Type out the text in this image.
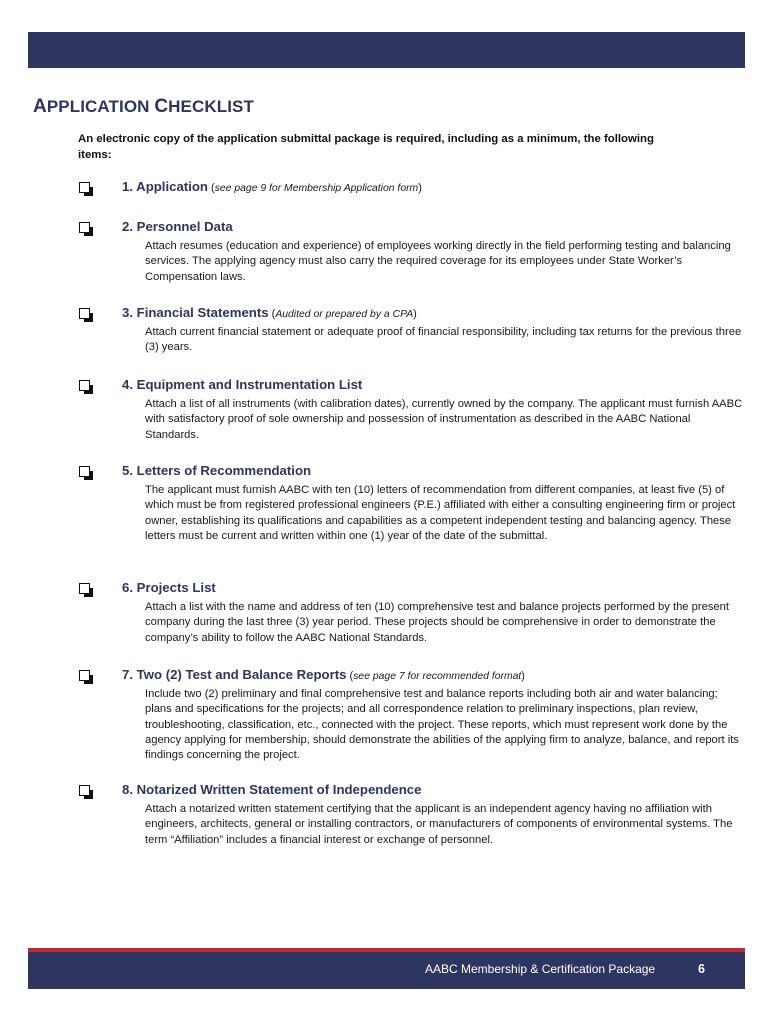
APPLICATION CHECKLIST
An electronic copy of the application submittal package is required, including as a minimum, the following items:
1. Application (see page 9 for Membership Application form)
2. Personnel Data
Attach resumes (education and experience) of employees working directly in the field performing testing and balancing services. The applying agency must also carry the required coverage for its employees under State Worker’s Compensation laws.
3. Financial Statements (Audited or prepared by a CPA)
Attach current financial statement or adequate proof of financial responsibility, including tax returns for the previous three (3) years.
4. Equipment and Instrumentation List
Attach a list of all instruments (with calibration dates), currently owned by the company. The applicant must furnish AABC with satisfactory proof of sole ownership and possession of instrumentation as described in the AABC National Standards.
5. Letters of Recommendation
The applicant must furnish AABC with ten (10) letters of recommendation from different companies, at least five (5) of which must be from registered professional engineers (P.E.) affiliated with either a consulting engineering firm or project owner, establishing its qualifications and capabilities as a competent independent testing and balancing agency. These letters must be current and written within one (1) year of the date of the submittal.
6. Projects List
Attach a list with the name and address of ten (10) comprehensive test and balance projects performed by the present company during the last three (3) year period. These projects should be comprehensive in order to demonstrate the company’s ability to follow the AABC National Standards.
7. Two (2) Test and Balance Reports (see page 7 for recommended format)
Include two (2) preliminary and final comprehensive test and balance reports including both air and water balancing; plans and specifications for the projects; and all correspondence relation to preliminary inspections, plan review, troubleshooting, classification, etc., connected with the project. These reports, which must represent work done by the agency applying for membership, should demonstrate the abilities of the applying firm to analyze, balance, and report its findings concerning the project.
8. Notarized Written Statement of Independence
Attach a notarized written statement certifying that the applicant is an independent agency having no affiliation with engineers, architects, general or installing contractors, or manufacturers of components of environmental systems. The term “Affiliation” includes a financial interest or exchange of personnel.
AABC Membership & Certification Package	6
